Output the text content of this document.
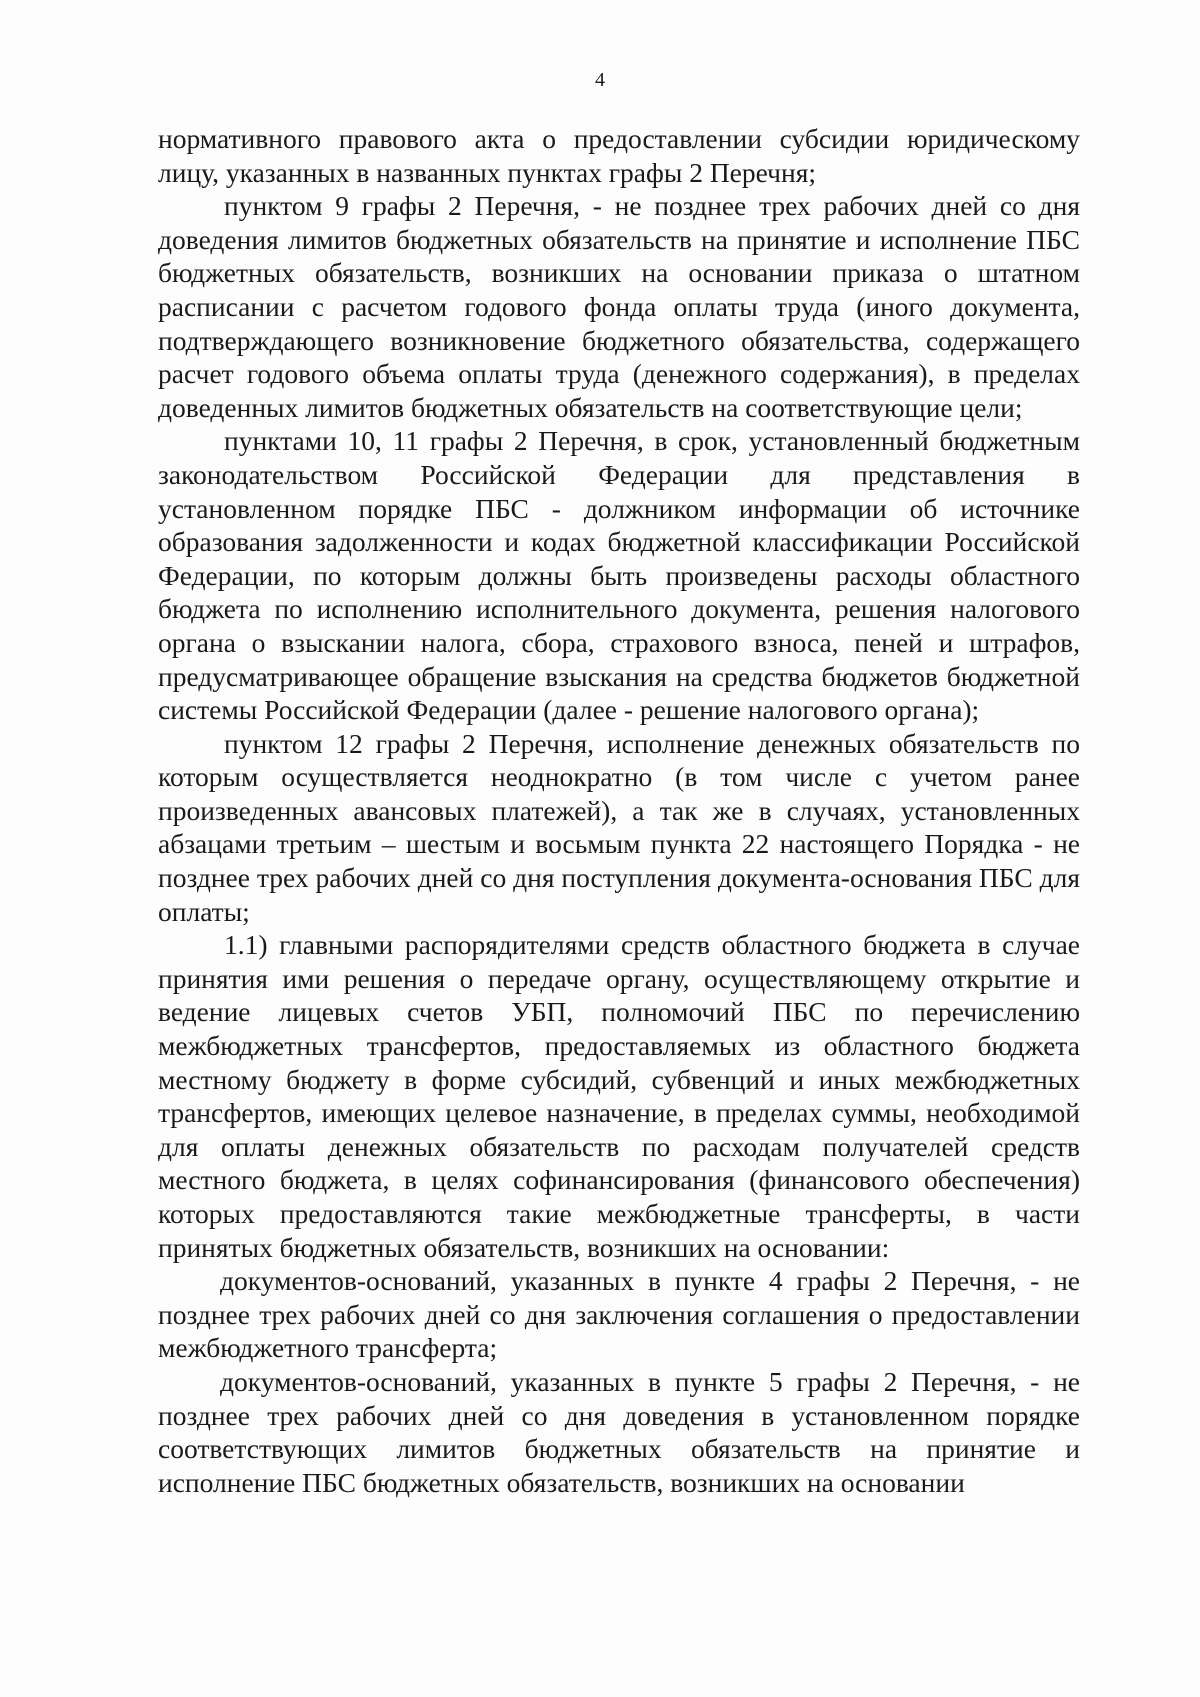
4

нормативного правового акта о предоставлении субсидии юридическому лицу, указанных в названных пунктах графы 2 Перечня;

пунктом 9 графы 2 Перечня, - не позднее трех рабочих дней со дня доведения лимитов бюджетных обязательств на принятие и исполнение ПБС бюджетных обязательств, возникших на основании приказа о штатном расписании с расчетом годового фонда оплаты труда (иного документа, подтверждающего возникновение бюджетного обязательства, содержащего расчет годового объема оплаты труда (денежного содержания), в пределах доведенных лимитов бюджетных обязательств на соответствующие цели;

пунктами 10, 11 графы 2 Перечня, в срок, установленный бюджетным законодательством Российской Федерации для представления в установленном порядке ПБС - должником информации об источнике образования задолженности и кодах бюджетной классификации Российской Федерации, по которым должны быть произведены расходы областного бюджета по исполнению исполнительного документа, решения налогового органа о взыскании налога, сбора, страхового взноса, пеней и штрафов, предусматривающее обращение взыскания на средства бюджетов бюджетной системы Российской Федерации (далее - решение налогового органа);

пунктом 12 графы 2 Перечня, исполнение денежных обязательств по которым осуществляется неоднократно (в том числе с учетом ранее произведенных авансовых платежей), а так же в случаях, установленных абзацами третьим – шестым и восьмым пункта 22 настоящего Порядка - не позднее трех рабочих дней со дня поступления документа-основания ПБС для оплаты;

1.1) главными распорядителями средств областного бюджета в случае принятия ими решения о передаче органу, осуществляющему открытие и ведение лицевых счетов УБП, полномочий ПБС по перечислению межбюджетных трансфертов, предоставляемых из областного бюджета местному бюджету в форме субсидий, субвенций и иных межбюджетных трансфертов, имеющих целевое назначение, в пределах суммы, необходимой для оплаты денежных обязательств по расходам получателей средств местного бюджета, в целях софинансирования (финансового обеспечения) которых предоставляются такие межбюджетные трансферты, в части принятых бюджетных обязательств, возникших на основании:

документов-оснований, указанных в пункте 4 графы 2 Перечня, - не позднее трех рабочих дней со дня заключения соглашения о предоставлении межбюджетного трансферта;

документов-оснований, указанных в пункте 5 графы 2 Перечня, - не позднее трех рабочих дней со дня доведения в установленном порядке соответствующих лимитов бюджетных обязательств на принятие и исполнение ПБС бюджетных обязательств, возникших на основании
